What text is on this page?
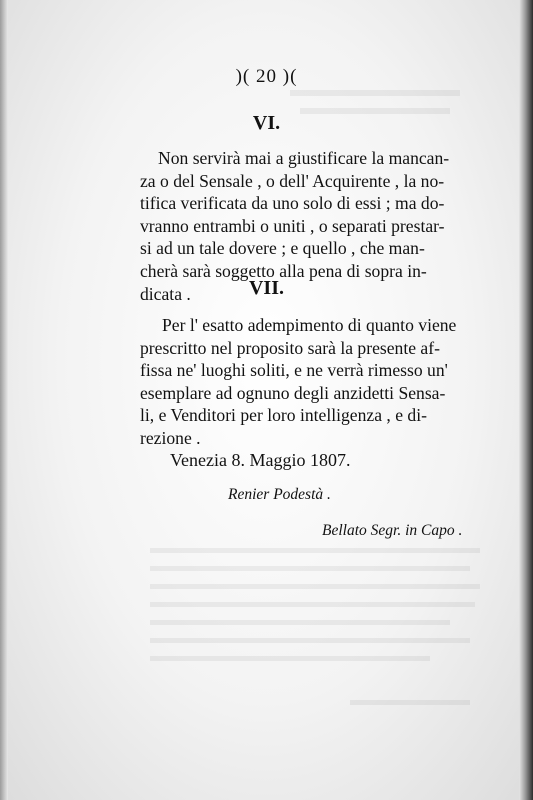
)( 20 )(
VI.
Non servirà mai a giustificare la mancan-
za o del Sensale , o dell' Acquirente , la no-
tifica verificata da uno solo di essi ; ma do-
vranno entrambi o uniti , o separati prestar-
si ad un tale dovere ; e quello , che man-
cherà sarà soggetto alla pena di sopra in-
dicata .	VII.
Per l' esatto adempimento di quanto viene
prescritto nel proposito sarà la presente af-
fissa ne' luoghi soliti, e ne verrà rimesso un'
esemplare ad ognuno degli anzidetti Sensa-
li, e Venditori per loro intelligenza , e di-
rezione .
Venezia 8. Maggio 1807.
Renier Podestà .
Bellato Segr. in Capo .
